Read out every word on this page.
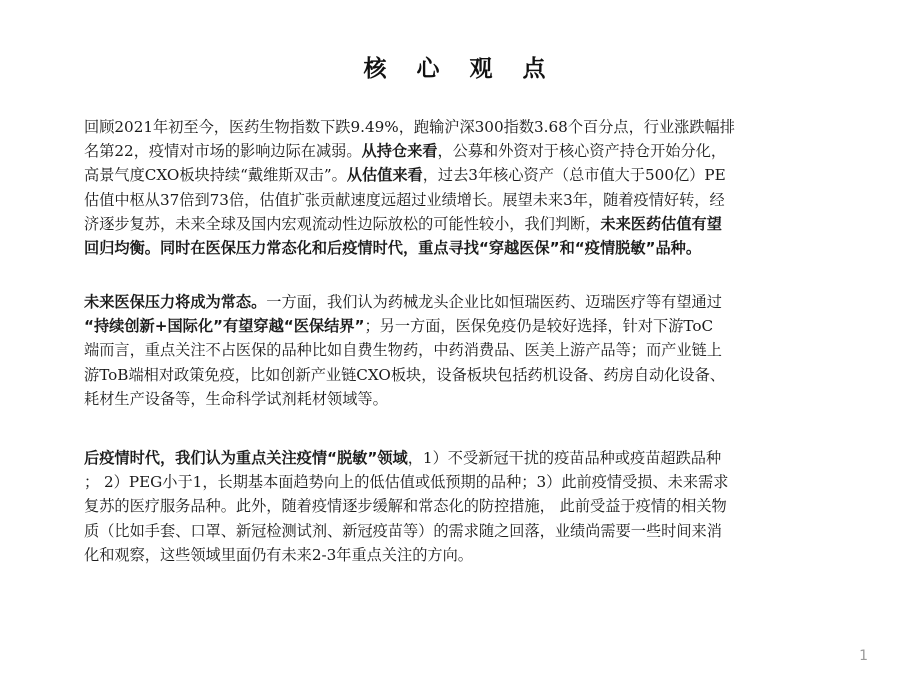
核 心 观 点
回顾2021年初至今，医药生物指数下跌9.49%，跑输沪深300指数3.68个百分点，行业涨跌幅排
名第22，疫情对市场的影响边际在减弱。从持仓来看，公募和外资对于核心资产持仓开始分化，
高景气度CXO板块持续“戴维斯双击”。从估值来看，过去3年核心资产（总市值大于500亿）PE
估值中枢从37倍到73倍，估值扩张贡献速度远超过业绩增长。展望未来3年，随着疫情好转，经
济逐步复苏，未来全球及国内宏观流动性边际放松的可能性较小，我们判断，未来医药估值有望
回归均衡。同时在医保压力常态化和后疫情时代，重点寻找“穿越医保”和“疫情脱敏”品种。
未来医保压力将成为常态。一方面，我们认为药械龙头企业比如恒瑞医药、迈瑞医疗等有望通过
“持续创新+国际化”有望穿越“医保结界”；另一方面，医保免疫仍是较好选择，针对下游ToC
端而言，重点关注不占医保的品种比如自费生物药，中药消费品、医美上游产品等；而产业链上
游ToB端相对政策免疫，比如创新产业链CXO板块，设备板块包括药机设备、药房自动化设备、
耗材生产设备等，生命科学试剂耗材领域等。
后疫情时代，我们认为重点关注疫情“脱敏”领域，1）不受新冠干扰的疫苗品种或疫苗超跌品种
； 2）PEG小于1，长期基本面趋势向上的低估值或低预期的品种；3）此前疫情受损、未来需求
复苏的医疗服务品种。此外，随着疫情逐步缓解和常态化的防控措施， 此前受益于疫情的相关物
质（比如手套、口罩、新冠检测试剂、新冠疫苗等）的需求随之回落，业绩尚需要一些时间来消
化和观察，这些领域里面仍有未来2-3年重点关注的方向。
1
